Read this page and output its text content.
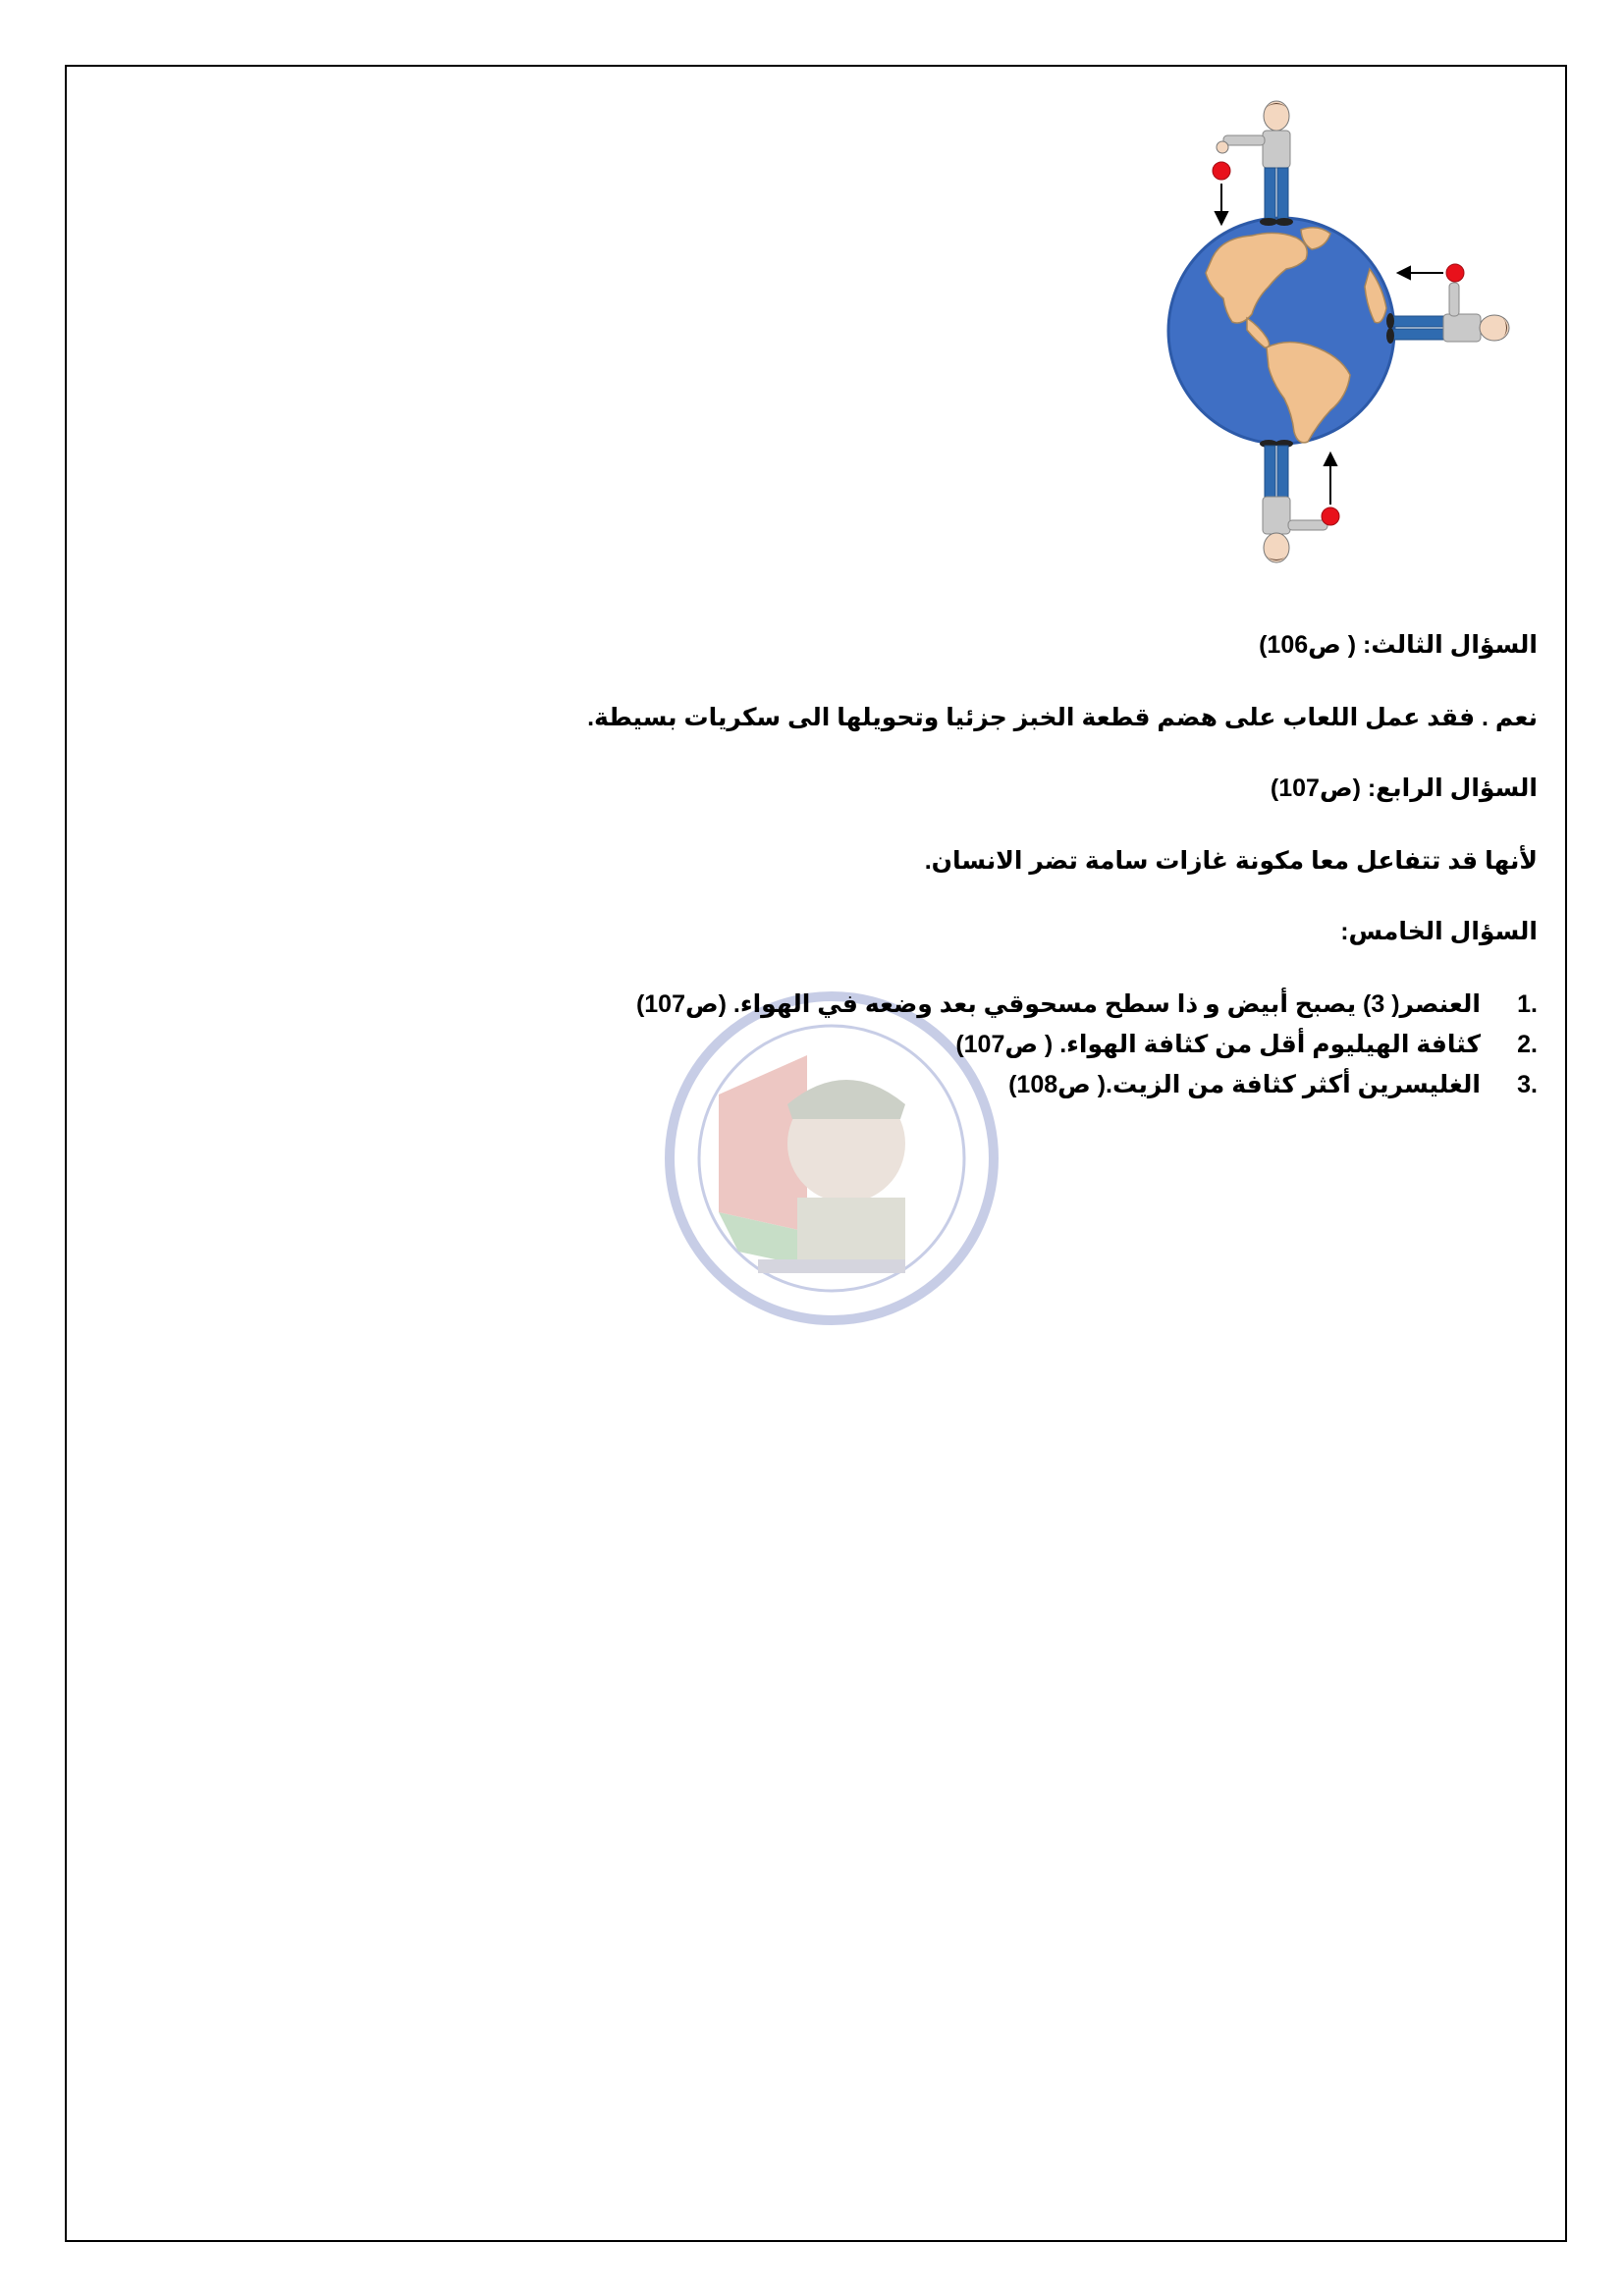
السؤال الثالث: ( ص106)
نعم . فقد عمل اللعاب على هضم قطعة الخبز جزئيا وتحويلها الى سكريات بسيطة.
السؤال الرابع: (ص107)
لأنها قد تتفاعل معا مكونة غازات سامة تضر الانسان.
السؤال الخامس:
1.
العنصر( 3) يصبح أبيض و ذا سطح مسحوقي بعد وضعه في الهواء. (ص107)
2.
كثافة الهيليوم أقل من كثافة الهواء. ( ص107)
3.
الغليسرين أكثر كثافة من الزيت.( ص108)
